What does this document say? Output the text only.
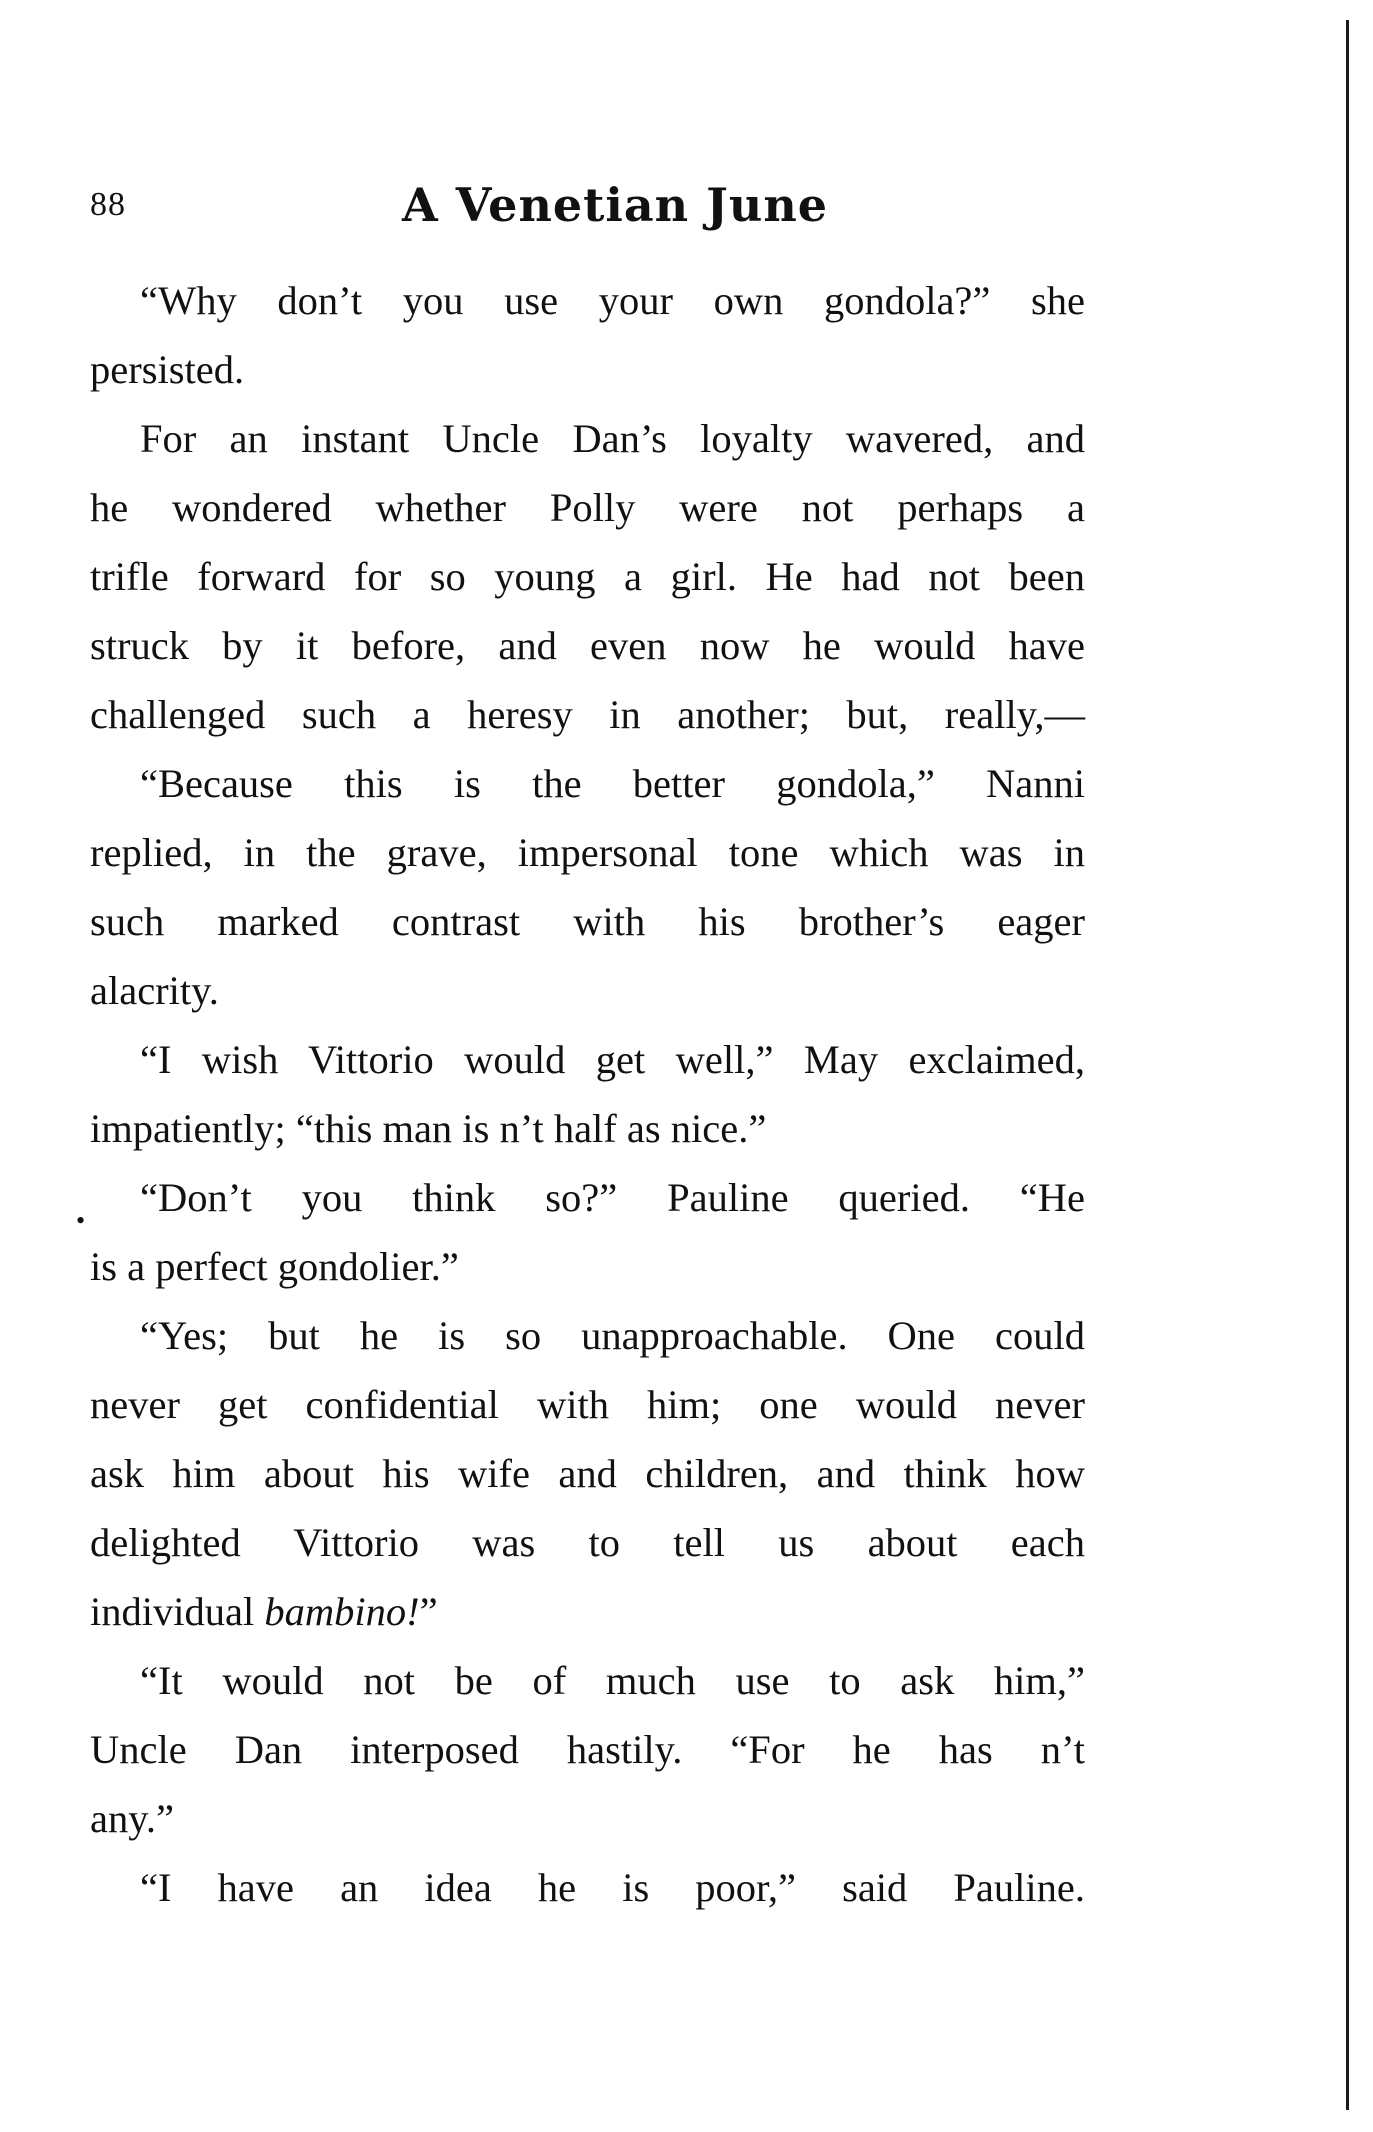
88	A Venetian June
•
“Why don’t you use your own gondola?” she
persisted.
For an instant Uncle Dan’s loyalty wavered, and
he wondered whether Polly were not perhaps a
trifle forward for so young a girl. He had not been
struck by it before, and even now he would have
challenged such a heresy in another; but, really,—
“Because this is the better gondola,” Nanni
replied, in the grave, impersonal tone which was in
such marked contrast with his brother’s eager
alacrity.
“I wish Vittorio would get well,” May exclaimed,
impatiently; “this man is n’t half as nice.”
“Don’t you think so?” Pauline queried. “He
is a perfect gondolier.”
“Yes; but he is so unapproachable. One could
never get confidential with him; one would never
ask him about his wife and children, and think how
delighted Vittorio was to tell us about each
individual bambino!”
“It would not be of much use to ask him,”
Uncle Dan interposed hastily. “For he has n’t
any.”
“I have an idea he is poor,” said Pauline.
